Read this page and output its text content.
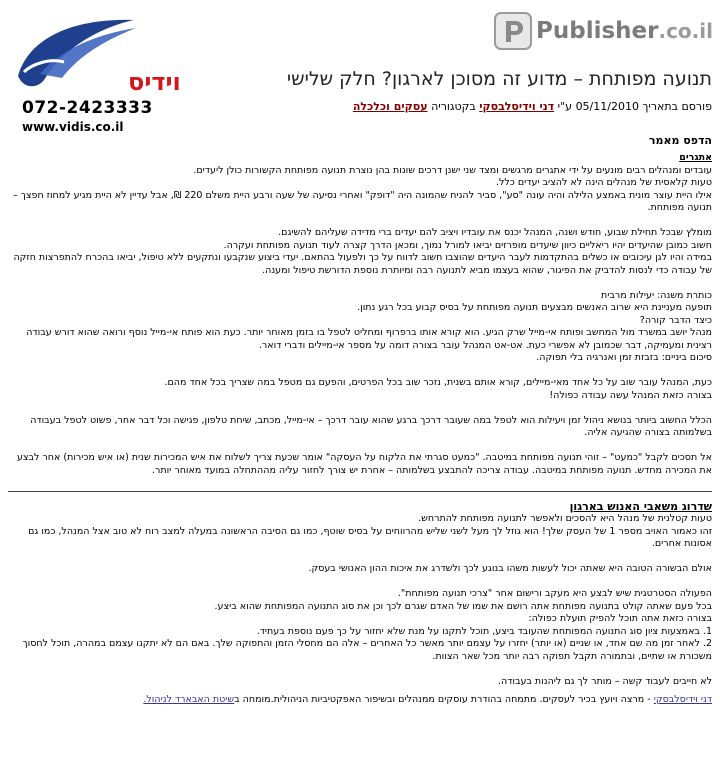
וידיס
072-2423333
www.vidis.co.il
Publisher .co.il
תנועה מפותחת – מדוע זה מסוכן לארגון? חלק שלישי
פורסם בתאריך 05/11/2010 ע"י דני וידיסלבסקי בקטגוריה עסקים וכלכלה
הדפס מאמר

אתגרים

עובדים ומנהלים רבים מונעים על ידי אתגרים מרגשים ומצד שני ישנן דרכים שונות בהן נוצרת תנועה מפותחת הקשורות כולן ליעדים.

טעות קלאסית של מנהלים הינה לא להציב יעדים כלל.

אילו היית עוצר מונית באמצע הלילה והיה עונה "סע", סביר להניח שהמונה היה "דופק" ואחרי נסיעה של שעה ורבע היית משלם 220 ₪, אבל עדיין לא היית מגיע למחוז חפצך – תנועה מפותחת.

מומלץ שבכל תחילת שבוע, חודש ושנה, המנהל יכנס את עובדיו ויציב להם יעדים ברי מדידה שעליהם להשיגם.

חשוב כמובן שהיעדים יהיו ריאליים כיוון שיעדים מופרזים יביאו למורל נמוך, ומכאן הדרך קצרה לעוד תנועה מפותחת ועקרה.

במידה והיו לגן עיכובים או כשלים בהתקדמות לעבר היעדים שהוצבו חשוב לדווח על כך ולפעול בהתאם. יעדי ביצוע שנקבעו ונתקעים ללא טיפול, יביאו בהכרח להתפרצות חזקה של עבודה כדי לנסות להדביק את הפיגור, שהוא בעצמו מביא לתנועה רבה ומיותרת נוספת הדורשת טיפול ומענה.

כותרת משנה: יעילות מרבית

תופעה מעניינת היא שרוב האנשים מבצעים תנועה מפותחת על בסיס קבוע בכל רגע נתון.

כיצד הדבר קורה?

מנהל יושב במשרד מול המחשב ופותח אי-מייל שרק הגיע. הוא קורא אותו ברפרוף ומחליט לטפל בו בזמן מאוחר יותר. כעת הוא פותח אי-מייל נוסף ורואה שהוא דורש עבודה רצינית ומעמיקה, דבר שכמובן לא אפשרי כעת. אט-אט המנהל עובר בצורה דומה על מספר אי-מיילים ודברי דואר.

סיכום ביניים: בזבזת זמן ואנרגיה בלי תפוקה.

כעת, המנהל עובר שוב על כל אחד מאי-מיילים, קורא אותם בשנית, נזכר שוב בכל הפרטים, והפעם גם מטפל במה שצריך בכל אחד מהם.

בצורה כזאת המנהל עשה עבודה כפולה!

הכלל החשוב ביותר בנושא ניהול זמן ויעילות הוא לטפל במה שעובר דרכך ברגע שהוא עובר דרכך – אי-מייל, מכתב, שיחת טלפון, פגישה וכל דבר אחר, פשוט לטפל בעבודה בשלמותה בצורה שהגיעה אליה.

אל תסכים לקבל "כמעט" – זוהי תנועה מפותחת במיטבה. "כמעט סגרתי את הלקוח על העסקה" אומר שכעת צריך לשלוח את איש המכירות שנית (או איש מכירות) אחר לבצע את המכירה מחדש. תנועה מפותחת במיטבה. עבודה צריכה להתבצע בשלמותה – אחרת יש צורך לחזור עליה מההתחלה במועד מאוחר יותר.

שדרוג משאבי האנוש בארגון

טעות קטלנית של מנהל היא להסכים ולאפשר לתנועה מפותחת להתרחש.

זהו כאמור האויב מספר 1 של העסק שלך! הוא גוזל לך מעל לשני שליש מהרווחים על בסיס שוטף, כמו גם הסיבה הראשונה במעלה למצב רוח לא טוב אצל המנהל, כמו גם אסונות אחרים.

אולם הבשורה הטובה היא שאתה יכול לעשות משהו בנוגע לכך ולשדרג את איכות ההון האנושי בעסק.

הפעולה הסטרטגית שיש לבצע היא מעקב ורישום אחר "צרכי תנועה מפותחת".

בכל פעם שאתה קולט בתנועה מפותחת אתה רושם את שמו של האדם שגרם לכך וכן את סוג התנועה המפותחת שהוא ביצע.

בצורה כזאת אתה תוכל להפיק תועלת כפולה:

1. באמצעות ציון סוג התנועה המפותחת שהעובד ביצע, תוכל לתקנו על מנת שלא יחזור על כך פעם נוספת בעתיד.

2. לאחר זמן מה שם אחד, או שניים (או יותר) יחזרו על עצמם יותר מאשר כל האחרים – אלה הם מחסלי הזמן והתפוקה שלך. באם הם לא יתקנו עצמם במהרה, תוכל לחסוך משכורת או שתיים, ובתמורה תקבל תפוקה רבה יותר מכל שאר הצוות.

לא חייבים לעבוד קשה – מותר לך גם ליהנות בעבודה.

דני וידיסלבסקי - מרצה ויועץ בכיר לעסקים. מתמחה בהודרת עוסקים ממנהלים ובשיפור האפקטיביות הניהולית.מומחה בשיטת האבארד לניהול.
